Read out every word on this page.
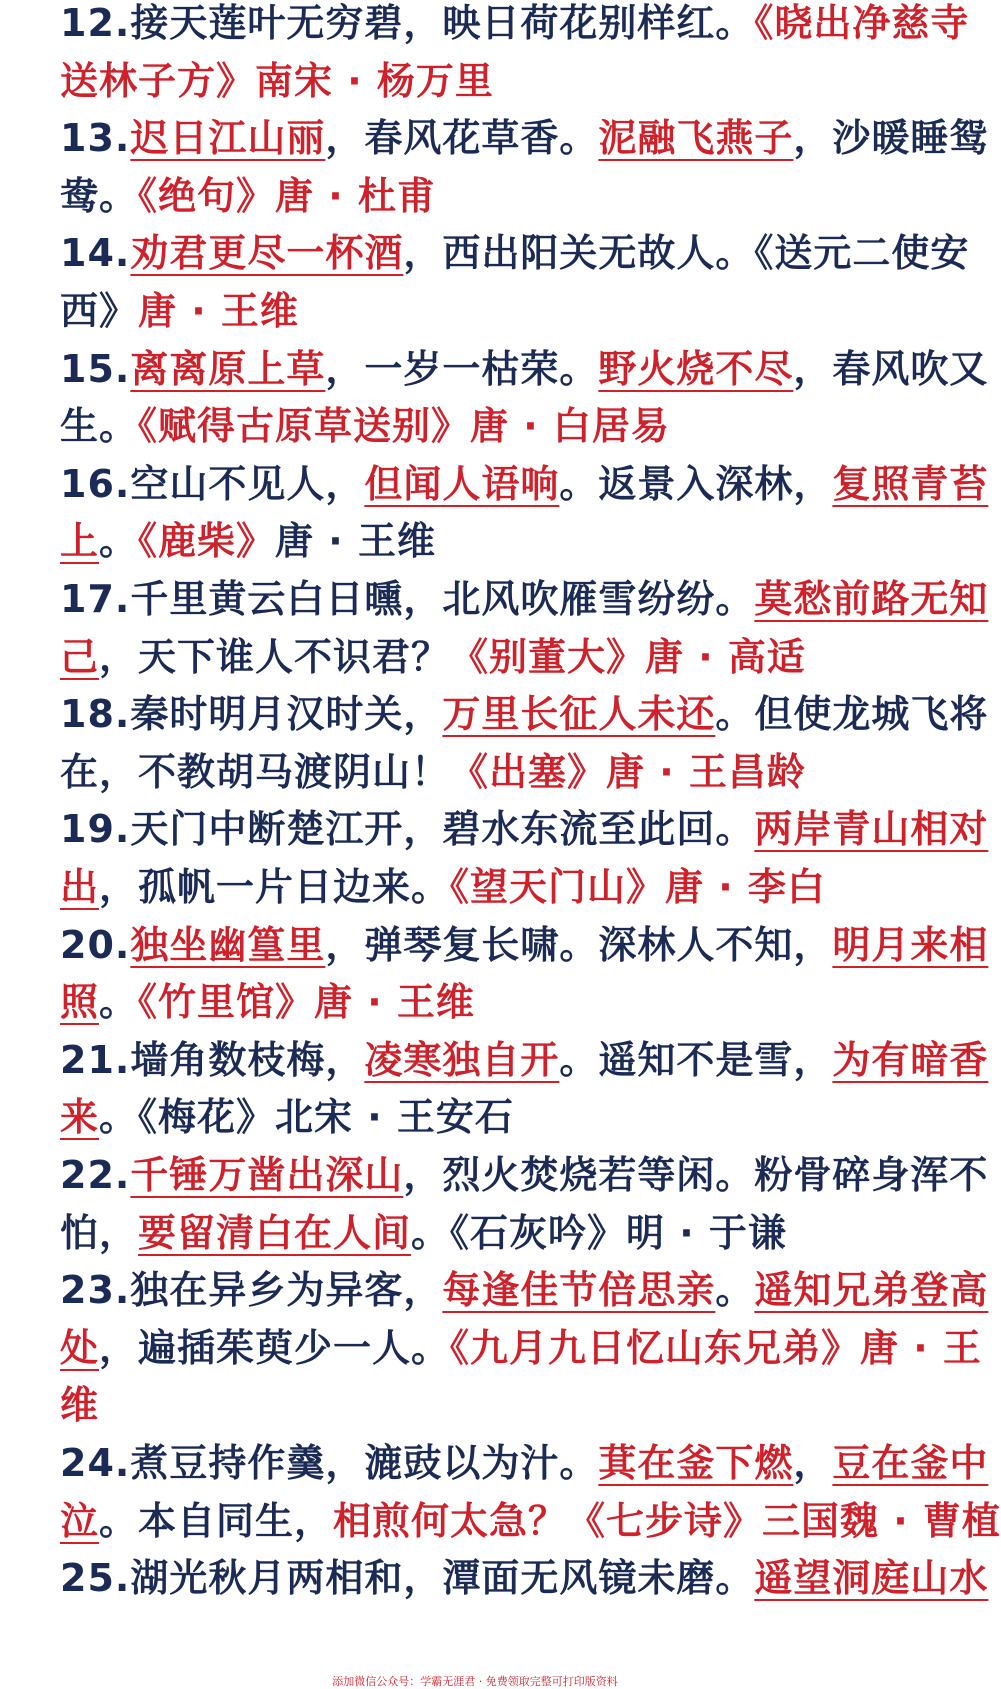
12.接天莲叶无穷碧，映日荷花别样红。《晓出净慈寺
送林子方》南宋 · 杨万里
13.迟日江山丽，春风花草香。泥融飞燕子，沙暖睡鸳
鸯。《绝句》唐 · 杜甫
14.劝君更尽一杯酒，西出阳关无故人。《送元二使安
西》唐 · 王维
15.离离原上草，一岁一枯荣。野火烧不尽，春风吹又
生。《赋得古原草送别》唐 · 白居易
16.空山不见人，但闻人语响。返景入深林，复照青苔
上。《鹿柴》唐 · 王维
17.千里黄云白日曛，北风吹雁雪纷纷。莫愁前路无知
己，天下谁人不识君？《别董大》唐 · 高适
18.秦时明月汉时关，万里长征人未还。但使龙城飞将
在，不教胡马渡阴山！《出塞》唐 · 王昌龄
19.天门中断楚江开，碧水东流至此回。两岸青山相对
出，孤帆一片日边来。《望天门山》唐 · 李白
20.独坐幽篁里，弹琴复长啸。深林人不知，明月来相
照。《竹里馆》唐 · 王维
21.墙角数枝梅，凌寒独自开。遥知不是雪，为有暗香
来。《梅花》北宋 · 王安石
22.千锤万凿出深山，烈火焚烧若等闲。粉骨碎身浑不
怕，要留清白在人间。《石灰吟》明 · 于谦
23.独在异乡为异客，每逢佳节倍思亲。遥知兄弟登高
处，遍插茱萸少一人。《九月九日忆山东兄弟》唐 · 王
维
24.煮豆持作羹，漉豉以为汁。萁在釜下燃，豆在釜中
泣。本自同生，相煎何太急？《七步诗》三国魏 · 曹植
25.湖光秋月两相和，潭面无风镜未磨。遥望洞庭山水
添加微信公众号：学霸无涯君 · 免费领取完整可打印版资料
